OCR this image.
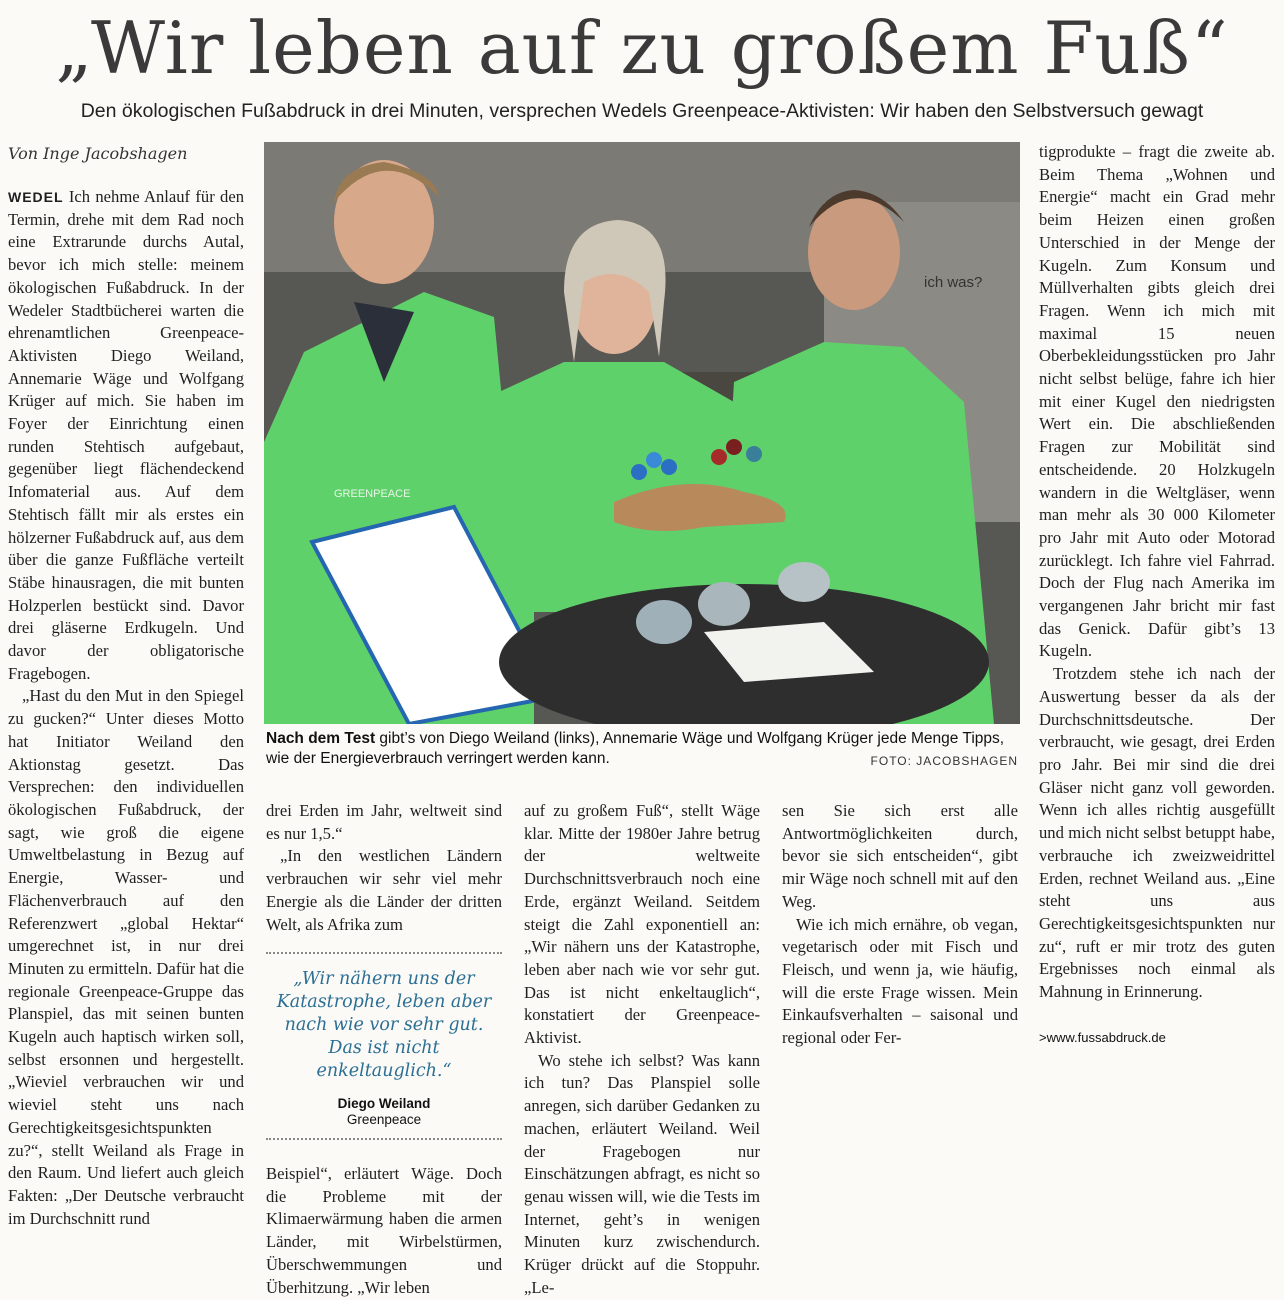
„Wir leben auf zu großem Fuß“

Den ökologischen Fußabdruck in drei Minuten, versprechen Wedels Greenpeace-Aktivisten: Wir haben den Selbstversuch gewagt

Von Inge Jacobshagen

WEDEL Ich nehme Anlauf für den Termin, drehe mit dem Rad noch eine Extrarunde durchs Autal, bevor ich mich stelle: meinem ökologischen Fußabdruck. In der Wedeler Stadtbücherei warten die ehrenamtlichen Greenpeace-Aktivisten Diego Weiland, Annemarie Wäge und Wolfgang Krüger auf mich. Sie haben im Foyer der Einrichtung einen runden Stehtisch aufgebaut, gegenüber liegt flächendeckend Infomaterial aus. Auf dem Stehtisch fällt mir als erstes ein hölzerner Fußabdruck auf, aus dem über die ganze Fußfläche verteilt Stäbe hinausragen, die mit bunten Holzperlen bestückt sind. Davor drei gläserne Erdkugeln. Und davor der obligatorische Fragebogen.

„Hast du den Mut in den Spiegel zu gucken?“ Unter dieses Motto hat Initiator Weiland den Aktionstag gesetzt. Das Versprechen: den individuellen ökologischen Fußabdruck, der sagt, wie groß die eigene Umweltbelastung in Bezug auf Energie, Wasser- und Flächenverbrauch auf den Referenzwert „global Hektar“ umgerechnet ist, in nur drei Minuten zu ermitteln. Dafür hat die regionale Greenpeace-Gruppe das Planspiel, das mit seinen bunten Kugeln auch haptisch wirken soll, selbst ersonnen und hergestellt. „Wieviel verbrauchen wir und wieviel steht uns nach Gerechtigkeitsgesichtspunkten zu?“, stellt Weiland als Frage in den Raum. Und liefert auch gleich Fakten: „Der Deutsche verbraucht im Durchschnitt rund

ich was?
GREENPEACE
Nach dem Test gibt’s von Diego Weiland (links), Annemarie Wäge und Wolfgang Krüger jede Menge Tipps, wie der Energieverbrauch verringert werden kann.	FOTO: JACOBSHAGEN

drei Erden im Jahr, weltweit sind es nur 1,5.“

„In den westlichen Ländern verbrauchen wir sehr viel mehr Energie als die Länder der dritten Welt, als Afrika zum

„Wir nähern uns der Katastrophe, leben aber nach wie vor sehr gut. Das ist nicht enkeltauglich.“
Diego Weiland
Greenpeace

Beispiel“, erläutert Wäge. Doch die Probleme mit der Klimaerwärmung haben die armen Länder, mit Wirbelstürmen, Überschwemmungen und Überhitzung. „Wir leben

auf zu großem Fuß“, stellt Wäge klar. Mitte der 1980er Jahre betrug der weltweite Durchschnittsverbrauch noch eine Erde, ergänzt Weiland. Seitdem steigt die Zahl exponentiell an: „Wir nähern uns der Katastrophe, leben aber nach wie vor sehr gut. Das ist nicht enkeltauglich“, konstatiert der Greenpeace-Aktivist.

Wo stehe ich selbst? Was kann ich tun? Das Planspiel solle anregen, sich darüber Gedanken zu machen, erläutert Weiland. Weil der Fragebogen nur Einschätzungen abfragt, es nicht so genau wissen will, wie die Tests im Internet, geht’s in wenigen Minuten kurz zwischendurch. Krüger drückt auf die Stoppuhr. „Le-

sen Sie sich erst alle Antwortmöglichkeiten durch, bevor sie sich entscheiden“, gibt mir Wäge noch schnell mit auf den Weg.

Wie ich mich ernähre, ob vegan, vegetarisch oder mit Fisch und Fleisch, und wenn ja, wie häufig, will die erste Frage wissen. Mein Einkaufsverhalten – saisonal und regional oder Fer-

tigprodukte – fragt die zweite ab. Beim Thema „Wohnen und Energie“ macht ein Grad mehr beim Heizen einen großen Unterschied in der Menge der Kugeln. Zum Konsum und Müllverhalten gibts gleich drei Fragen. Wenn ich mich mit maximal 15 neuen Oberbekleidungsstücken pro Jahr nicht selbst belüge, fahre ich hier mit einer Kugel den niedrigsten Wert ein. Die abschließenden Fragen zur Mobilität sind entscheidende. 20 Holzkugeln wandern in die Weltgläser, wenn man mehr als 30 000 Kilometer pro Jahr mit Auto oder Motorad zurücklegt. Ich fahre viel Fahrrad. Doch der Flug nach Amerika im vergangenen Jahr bricht mir fast das Genick. Dafür gibt’s 13 Kugeln.

Trotzdem stehe ich nach der Auswertung besser da als der Durchschnittsdeutsche. Der verbraucht, wie gesagt, drei Erden pro Jahr. Bei mir sind die drei Gläser nicht ganz voll geworden. Wenn ich alles richtig ausgefüllt und mich nicht selbst betuppt habe, verbrauche ich zweizweidrittel Erden, rechnet Weiland aus. „Eine steht uns aus Gerechtigkeitsgesichtspunkten nur zu“, ruft er mir trotz des guten Ergebnisses noch einmal als Mahnung in Erinnerung.

>www.fussabdruck.de
